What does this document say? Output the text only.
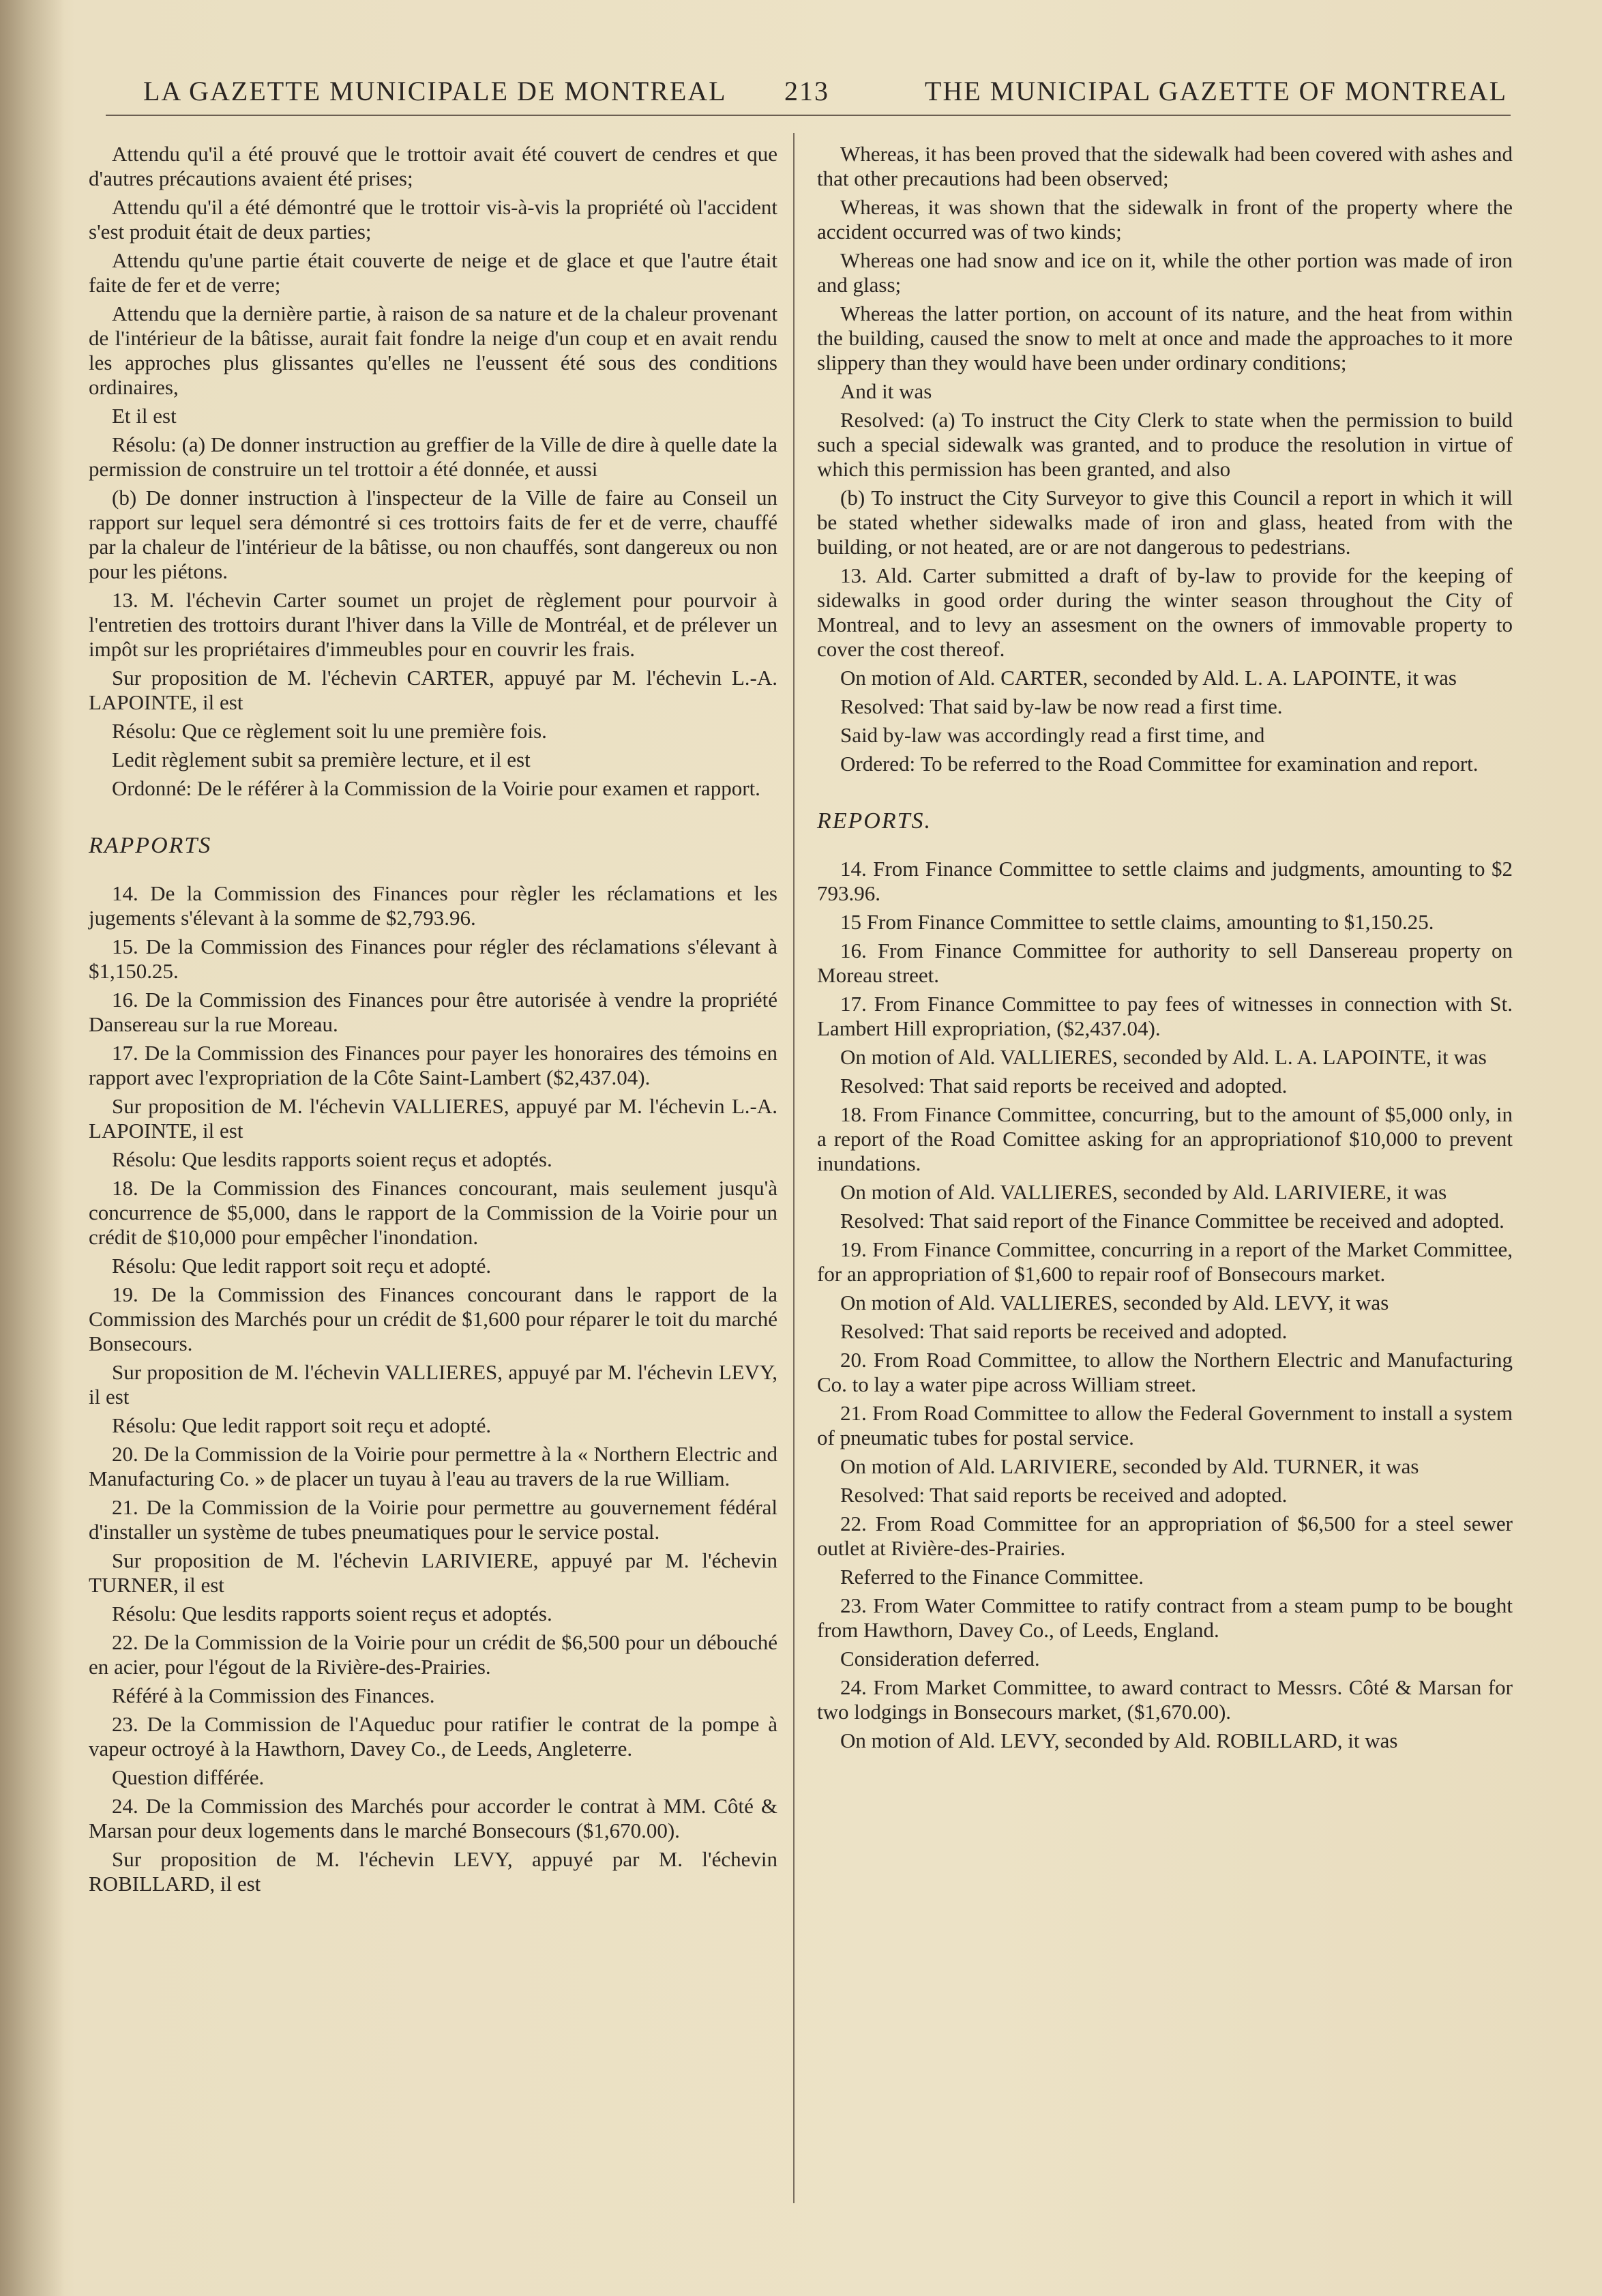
LA GAZETTE MUNICIPALE DE MONTREAL 213	THE MUNICIPAL GAZETTE OF MONTREAL

Attendu qu'il a été prouvé que le trottoir avait été couvert de cendres et que d'autres précautions avaient été prises;

Attendu qu'il a été démontré que le trottoir vis-à-vis la propriété où l'accident s'est produit était de deux parties;

Attendu qu'une partie était couverte de neige et de glace et que l'autre était faite de fer et de verre;

Attendu que la dernière partie, à raison de sa nature et de la chaleur provenant de l'intérieur de la bâtisse, aurait fait fondre la neige d'un coup et en avait rendu les approches plus glissantes qu'elles ne l'eussent été sous des conditions ordinaires,

Et il est

Résolu: (a) De donner instruction au greffier de la Ville de dire à quelle date la permission de construire un tel trottoir a été donnée, et aussi

(b) De donner instruction à l'inspecteur de la Ville de faire au Conseil un rapport sur lequel sera démontré si ces trottoirs faits de fer et de verre, chauffé par la chaleur de l'intérieur de la bâtisse, ou non chauffés, sont dangereux ou non pour les piétons.

13. M. l'échevin Carter soumet un projet de règlement pour pourvoir à l'entretien des trottoirs durant l'hiver dans la Ville de Montréal, et de prélever un impôt sur les propriétaires d'immeubles pour en couvrir les frais.

Sur proposition de M. l'échevin CARTER, appuyé par M. l'échevin L.-A. LAPOINTE, il est

Résolu: Que ce règlement soit lu une première fois.

Ledit règlement subit sa première lecture, et il est

Ordonné: De le référer à la Commission de la Voirie pour examen et rapport.

RAPPORTS

14. De la Commission des Finances pour règler les réclamations et les jugements s'élevant à la somme de $2,793.96.

15. De la Commission des Finances pour régler des réclamations s'élevant à $1,150.25.

16. De la Commission des Finances pour être autorisée à vendre la propriété Dansereau sur la rue Moreau.

17. De la Commission des Finances pour payer les honoraires des témoins en rapport avec l'expropriation de la Côte Saint-Lambert ($2,437.04).

Sur proposition de M. l'échevin VALLIERES, appuyé par M. l'échevin L.-A. LAPOINTE, il est

Résolu: Que lesdits rapports soient reçus et adoptés.

18. De la Commission des Finances concourant, mais seulement jusqu'à concurrence de $5,000, dans le rapport de la Commission de la Voirie pour un crédit de $10,000 pour empêcher l'inondation.

Résolu: Que ledit rapport soit reçu et adopté.

19. De la Commission des Finances concourant dans le rapport de la Commission des Marchés pour un crédit de $1,600 pour réparer le toit du marché Bonsecours.

Sur proposition de M. l'échevin VALLIERES, appuyé par M. l'échevin LEVY, il est

Résolu: Que ledit rapport soit reçu et adopté.

20. De la Commission de la Voirie pour permettre à la « Northern Electric and Manufacturing Co. » de placer un tuyau à l'eau au travers de la rue William.

21. De la Commission de la Voirie pour permettre au gouvernement fédéral d'installer un système de tubes pneumatiques pour le service postal.

Sur proposition de M. l'échevin LARIVIERE, appuyé par M. l'échevin TURNER, il est

Résolu: Que lesdits rapports soient reçus et adoptés.

22. De la Commission de la Voirie pour un crédit de $6,500 pour un débouché en acier, pour l'égout de la Rivière-des-Prairies.

Référé à la Commission des Finances.

23. De la Commission de l'Aqueduc pour ratifier le contrat de la pompe à vapeur octroyé à la Hawthorn, Davey Co., de Leeds, Angleterre.

Question différée.

24. De la Commission des Marchés pour accorder le contrat à MM. Côté & Marsan pour deux logements dans le marché Bonsecours ($1,670.00).

Sur proposition de M. l'échevin LEVY, appuyé par M. l'échevin ROBILLARD, il est

Whereas, it has been proved that the sidewalk had been covered with ashes and that other precautions had been observed;

Whereas, it was shown that the sidewalk in front of the property where the accident occurred was of two kinds;

Whereas one had snow and ice on it, while the other portion was made of iron and glass;

Whereas the latter portion, on account of its nature, and the heat from within the building, caused the snow to melt at once and made the approaches to it more slippery than they would have been under ordinary conditions;

And it was

Resolved: (a) To instruct the City Clerk to state when the permission to build such a special sidewalk was granted, and to produce the resolution in virtue of which this permission has been granted, and also

(b) To instruct the City Surveyor to give this Council a report in which it will be stated whether sidewalks made of iron and glass, heated from with the building, or not heated, are or are not dangerous to pedestrians.

13. Ald. Carter submitted a draft of by-law to provide for the keeping of sidewalks in good order during the winter season throughout the City of Montreal, and to levy an assesment on the owners of immovable property to cover the cost thereof.

On motion of Ald. CARTER, seconded by Ald. L. A. LAPOINTE, it was

Resolved: That said by-law be now read a first time.

Said by-law was accordingly read a first time, and

Ordered: To be referred to the Road Committee for examination and report.

REPORTS.

14. From Finance Committee to settle claims and judgments, amounting to $2 793.96.

15 From Finance Committee to settle claims, amounting to $1,150.25.

16. From Finance Committee for authority to sell Dansereau property on Moreau street.

17. From Finance Committee to pay fees of witnesses in connection with St. Lambert Hill expropriation, ($2,437.04).

On motion of Ald. VALLIERES, seconded by Ald. L. A. LAPOINTE, it was

Resolved: That said reports be received and adopted.

18. From Finance Committee, concurring, but to the amount of $5,000 only, in a report of the Road Comittee asking for an appropriationof $10,000 to prevent inundations.

On motion of Ald. VALLIERES, seconded by Ald. LARIVIERE, it was

Resolved: That said report of the Finance Committee be received and adopted.

19. From Finance Committee, concurring in a report of the Market Committee, for an appropriation of $1,600 to repair roof of Bonsecours market.

On motion of Ald. VALLIERES, seconded by Ald. LEVY, it was

Resolved: That said reports be received and adopted.

20. From Road Committee, to allow the Northern Electric and Manufacturing Co. to lay a water pipe across William street.

21. From Road Committee to allow the Federal Government to install a system of pneumatic tubes for postal service.

On motion of Ald. LARIVIERE, seconded by Ald. TURNER, it was

Resolved: That said reports be received and adopted.

22. From Road Committee for an appropriation of $6,500 for a steel sewer outlet at Rivière-des-Prairies.

Referred to the Finance Committee.

23. From Water Committee to ratify contract from a steam pump to be bought from Hawthorn, Davey Co., of Leeds, England.

Consideration deferred.

24. From Market Committee, to award contract to Messrs. Côté & Marsan for two lodgings in Bonsecours market, ($1,670.00).

On motion of Ald. LEVY, seconded by Ald. ROBILLARD, it was
